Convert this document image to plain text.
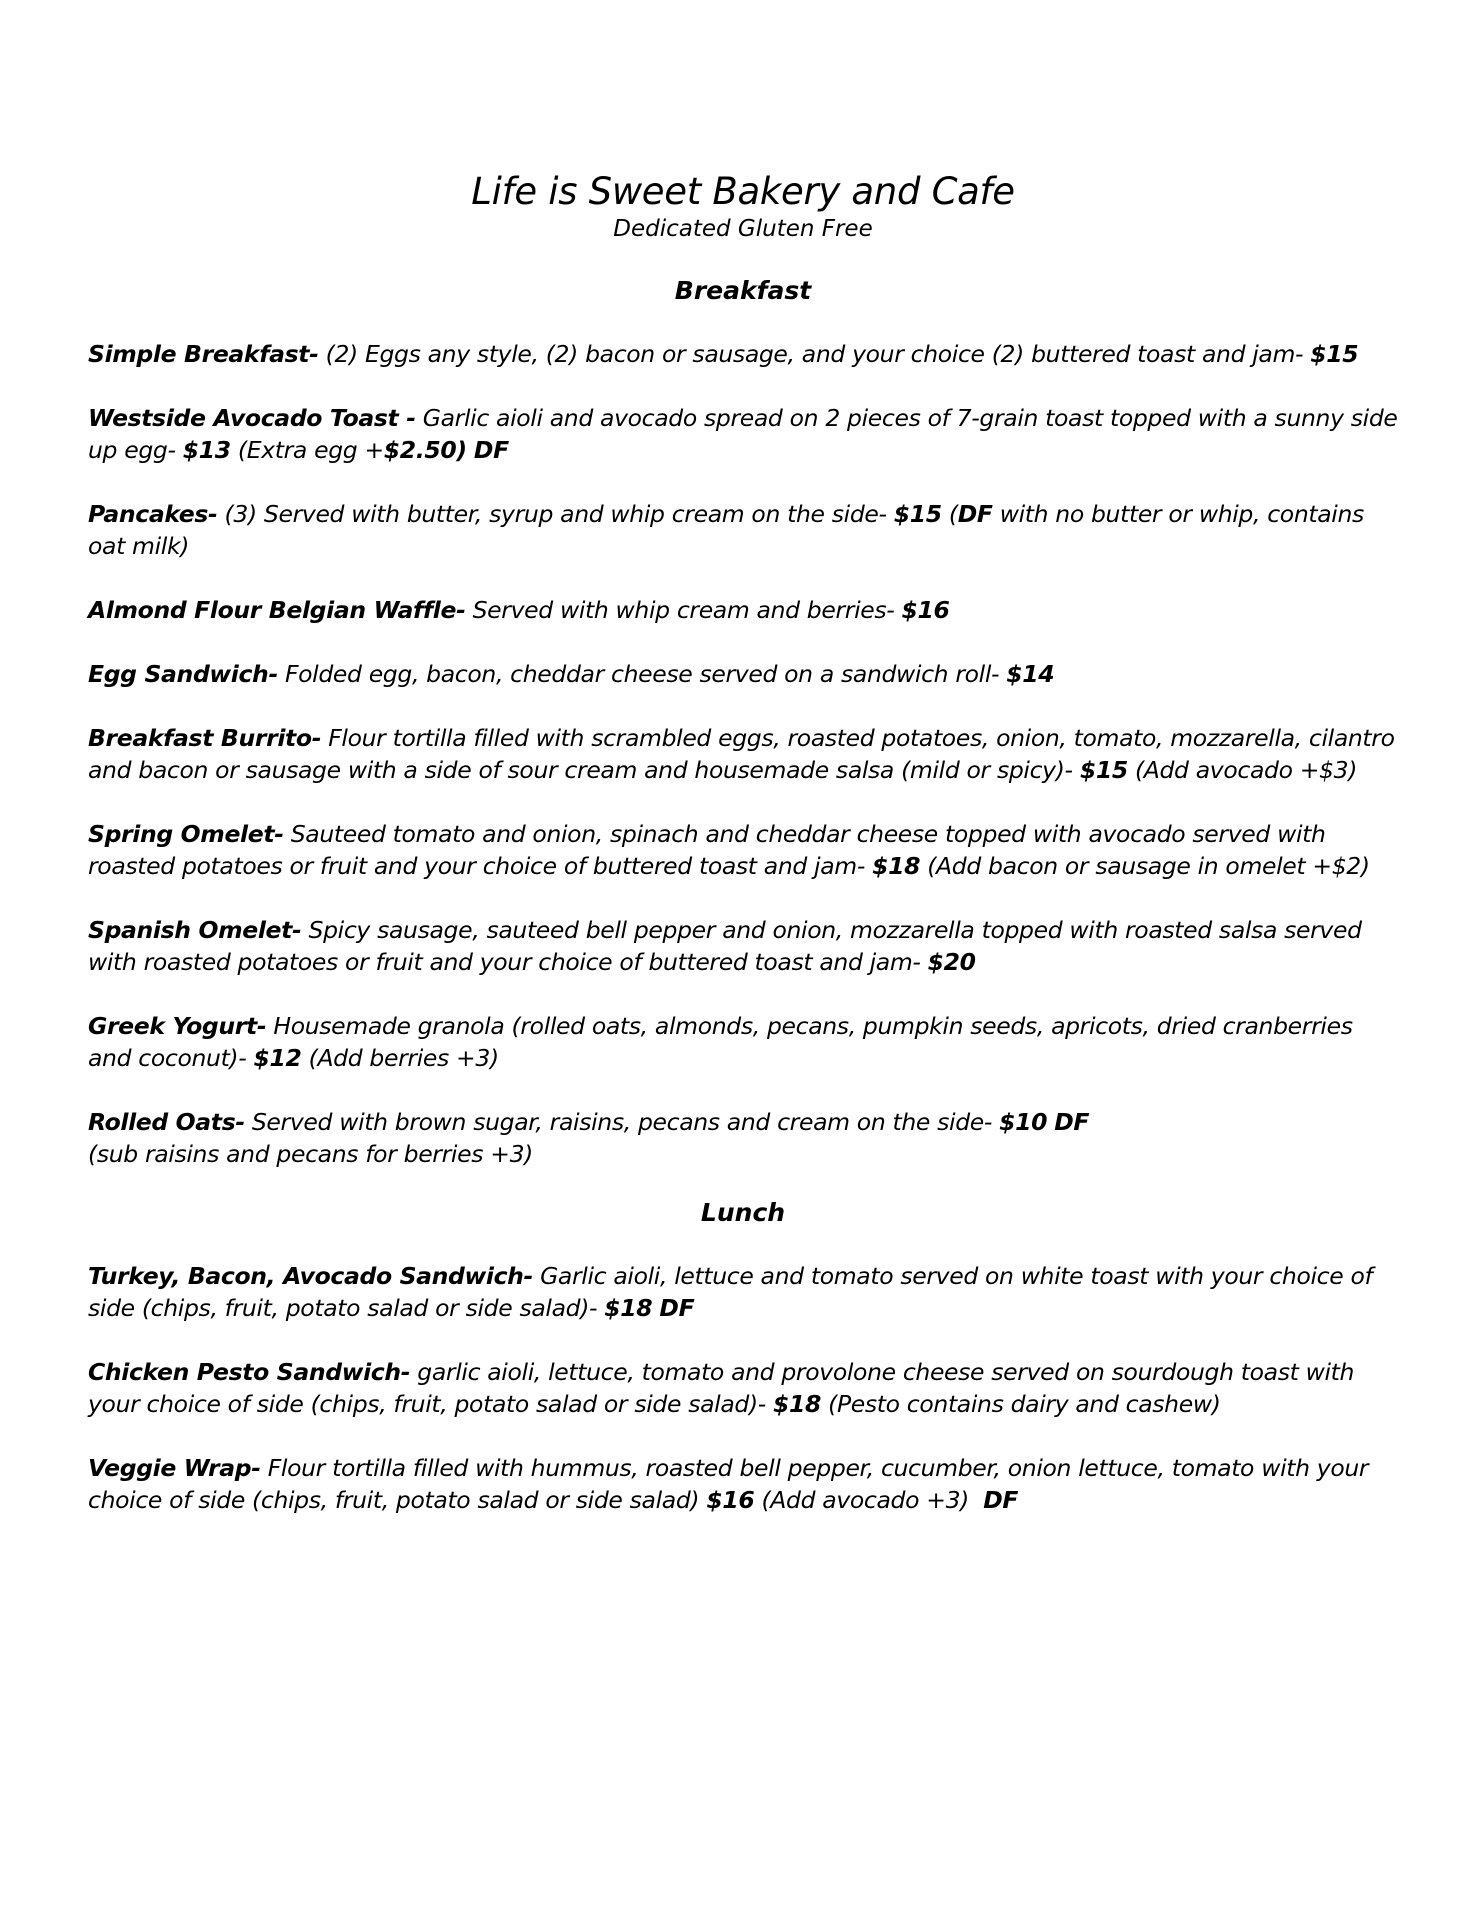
Life is Sweet Bakery and Cafe
Dedicated Gluten Free
Breakfast

Simple Breakfast- (2) Eggs any style, (2) bacon or sausage, and your choice (2) buttered toast and jam- $15

Westside Avocado Toast - Garlic aioli and avocado spread on 2 pieces of 7-grain toast topped with a sunny side up egg- $13 (Extra egg +$2.50) DF

Pancakes- (3) Served with butter, syrup and whip cream on the side- $15 (DF with no butter or whip, contains oat milk)

Almond Flour Belgian Waffle- Served with whip cream and berries- $16

Egg Sandwich- Folded egg, bacon, cheddar cheese served on a sandwich roll- $14

Breakfast Burrito- Flour tortilla filled with scrambled eggs, roasted potatoes, onion, tomato, mozzarella, cilantro and bacon or sausage with a side of sour cream and housemade salsa (mild or spicy)- $15 (Add avocado +$3)

Spring Omelet- Sauteed tomato and onion, spinach and cheddar cheese topped with avocado served with roasted potatoes or fruit and your choice of buttered toast and jam- $18 (Add bacon or sausage in omelet +$2)

Spanish Omelet- Spicy sausage, sauteed bell pepper and onion, mozzarella topped with roasted salsa served with roasted potatoes or fruit and your choice of buttered toast and jam- $20

Greek Yogurt- Housemade granola (rolled oats, almonds, pecans, pumpkin seeds, apricots, dried cranberries and coconut)- $12 (Add berries +3)

Rolled Oats- Served with brown sugar, raisins, pecans and cream on the side- $10 DF
(sub raisins and pecans for berries +3)

Lunch

Turkey, Bacon, Avocado Sandwich- Garlic aioli, lettuce and tomato served on white toast with your choice of side (chips, fruit, potato salad or side salad)- $18 DF

Chicken Pesto Sandwich- garlic aioli, lettuce, tomato and provolone cheese served on sourdough toast with your choice of side (chips, fruit, potato salad or side salad)- $18 (Pesto contains dairy and cashew)

Veggie Wrap- Flour tortilla filled with hummus, roasted bell pepper, cucumber, onion lettuce, tomato with your choice of side (chips, fruit, potato salad or side salad) $16 (Add avocado +3)  DF
